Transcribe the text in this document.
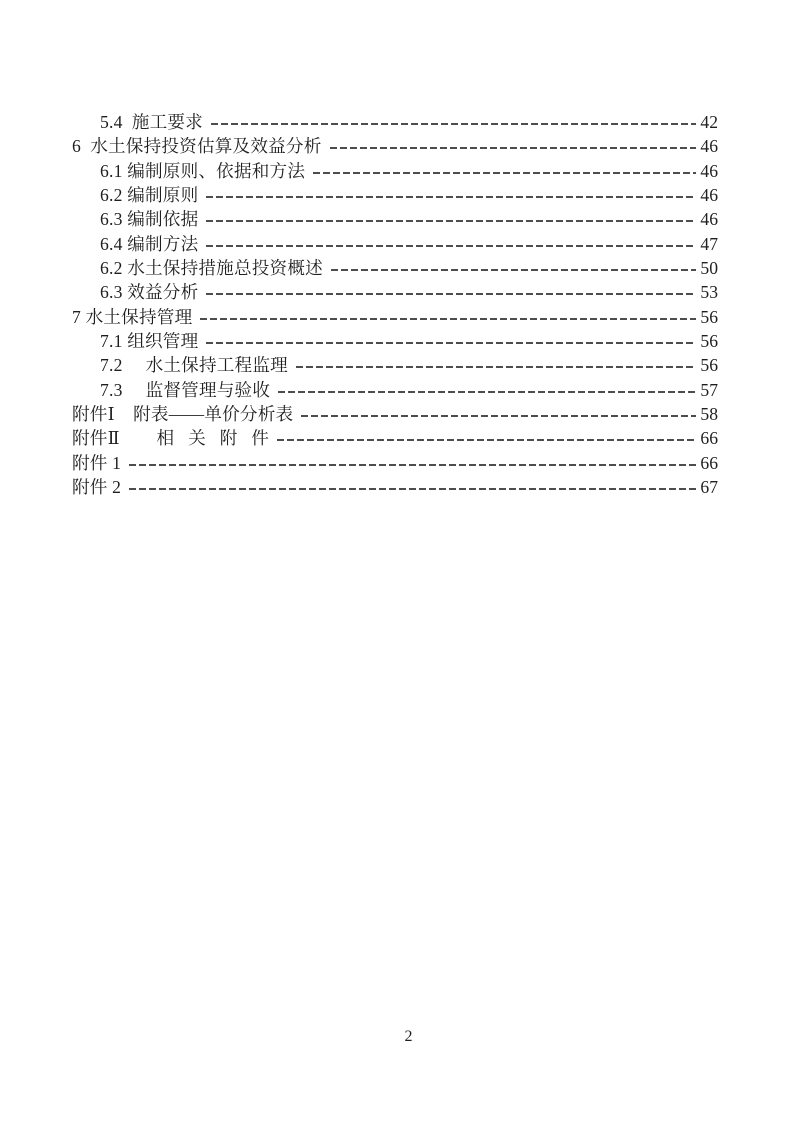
5.4  施工要求	42
6  水土保持投资估算及效益分析	46
6.1 编制原则、依据和方法	46
6.2 编制原则	46
6.3 编制依据	46
6.4 编制方法	47
6.2 水土保持措施总投资概述	50
6.3 效益分析	53
7 水土保持管理	56
7.1 组织管理	56
7.2     水土保持工程监理	56
7.3     监督管理与验收	57
附件Ⅰ    附表——单价分析表	58
附件Ⅱ        相   关   附   件	66
附件 1	66
附件 2	67
2
